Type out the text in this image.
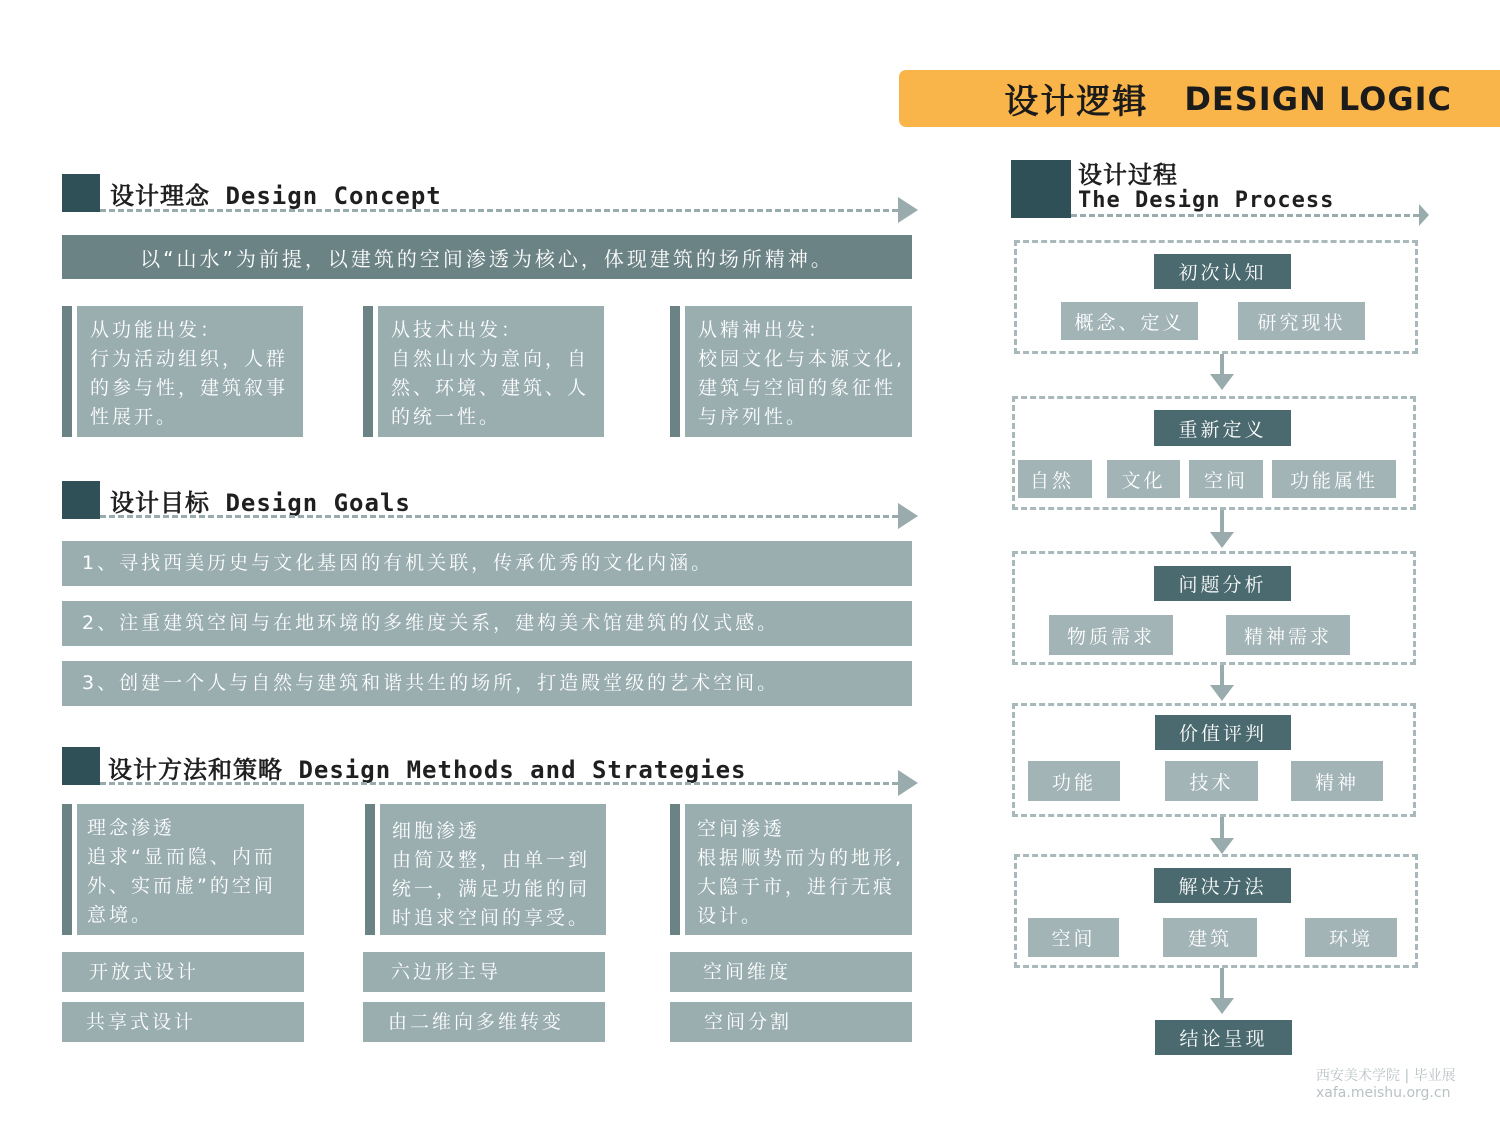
设计逻辑 DESIGN LOGIC
设计理念 Design Concept
以“山水”为前提，以建筑的空间渗透为核心，体现建筑的场所精神。
从功能出发：
行为活动组织，人群
的参与性，建筑叙事
性展开。
从技术出发：
自然山水为意向，自
然、环境、建筑、人
的统一性。
从精神出发：
校园文化与本源文化,
建筑与空间的象征性
与序列性。
设计目标 Design Goals
1、寻找西美历史与文化基因的有机关联，传承优秀的文化内涵。
2、注重建筑空间与在地环境的多维度关系，建构美术馆建筑的仪式感。
3、创建一个人与自然与建筑和谐共生的场所，打造殿堂级的艺术空间。
设计方法和策略 Design Methods and Strategies
理念渗透
追求“显而隐、内而
外、实而虚”的空间
意境。
开放式设计
共享式设计
细胞渗透
由简及整，由单一到
统一，满足功能的同
时追求空间的享受。
六边形主导
由二维向多维转变
空间渗透
根据顺势而为的地形,
大隐于市，进行无痕
设计。
空间维度
空间分割
设计过程
The Design Process
初次认知
概念、定义	研究现状
重新定义
自然	文化	空间	功能属性
问题分析
物质需求	精神需求
价值评判
功能	技术	精神
解决方法
空间	建筑	环境
结论呈现
西安美术学院 | 毕业展
xafa.meishu.org.cn
